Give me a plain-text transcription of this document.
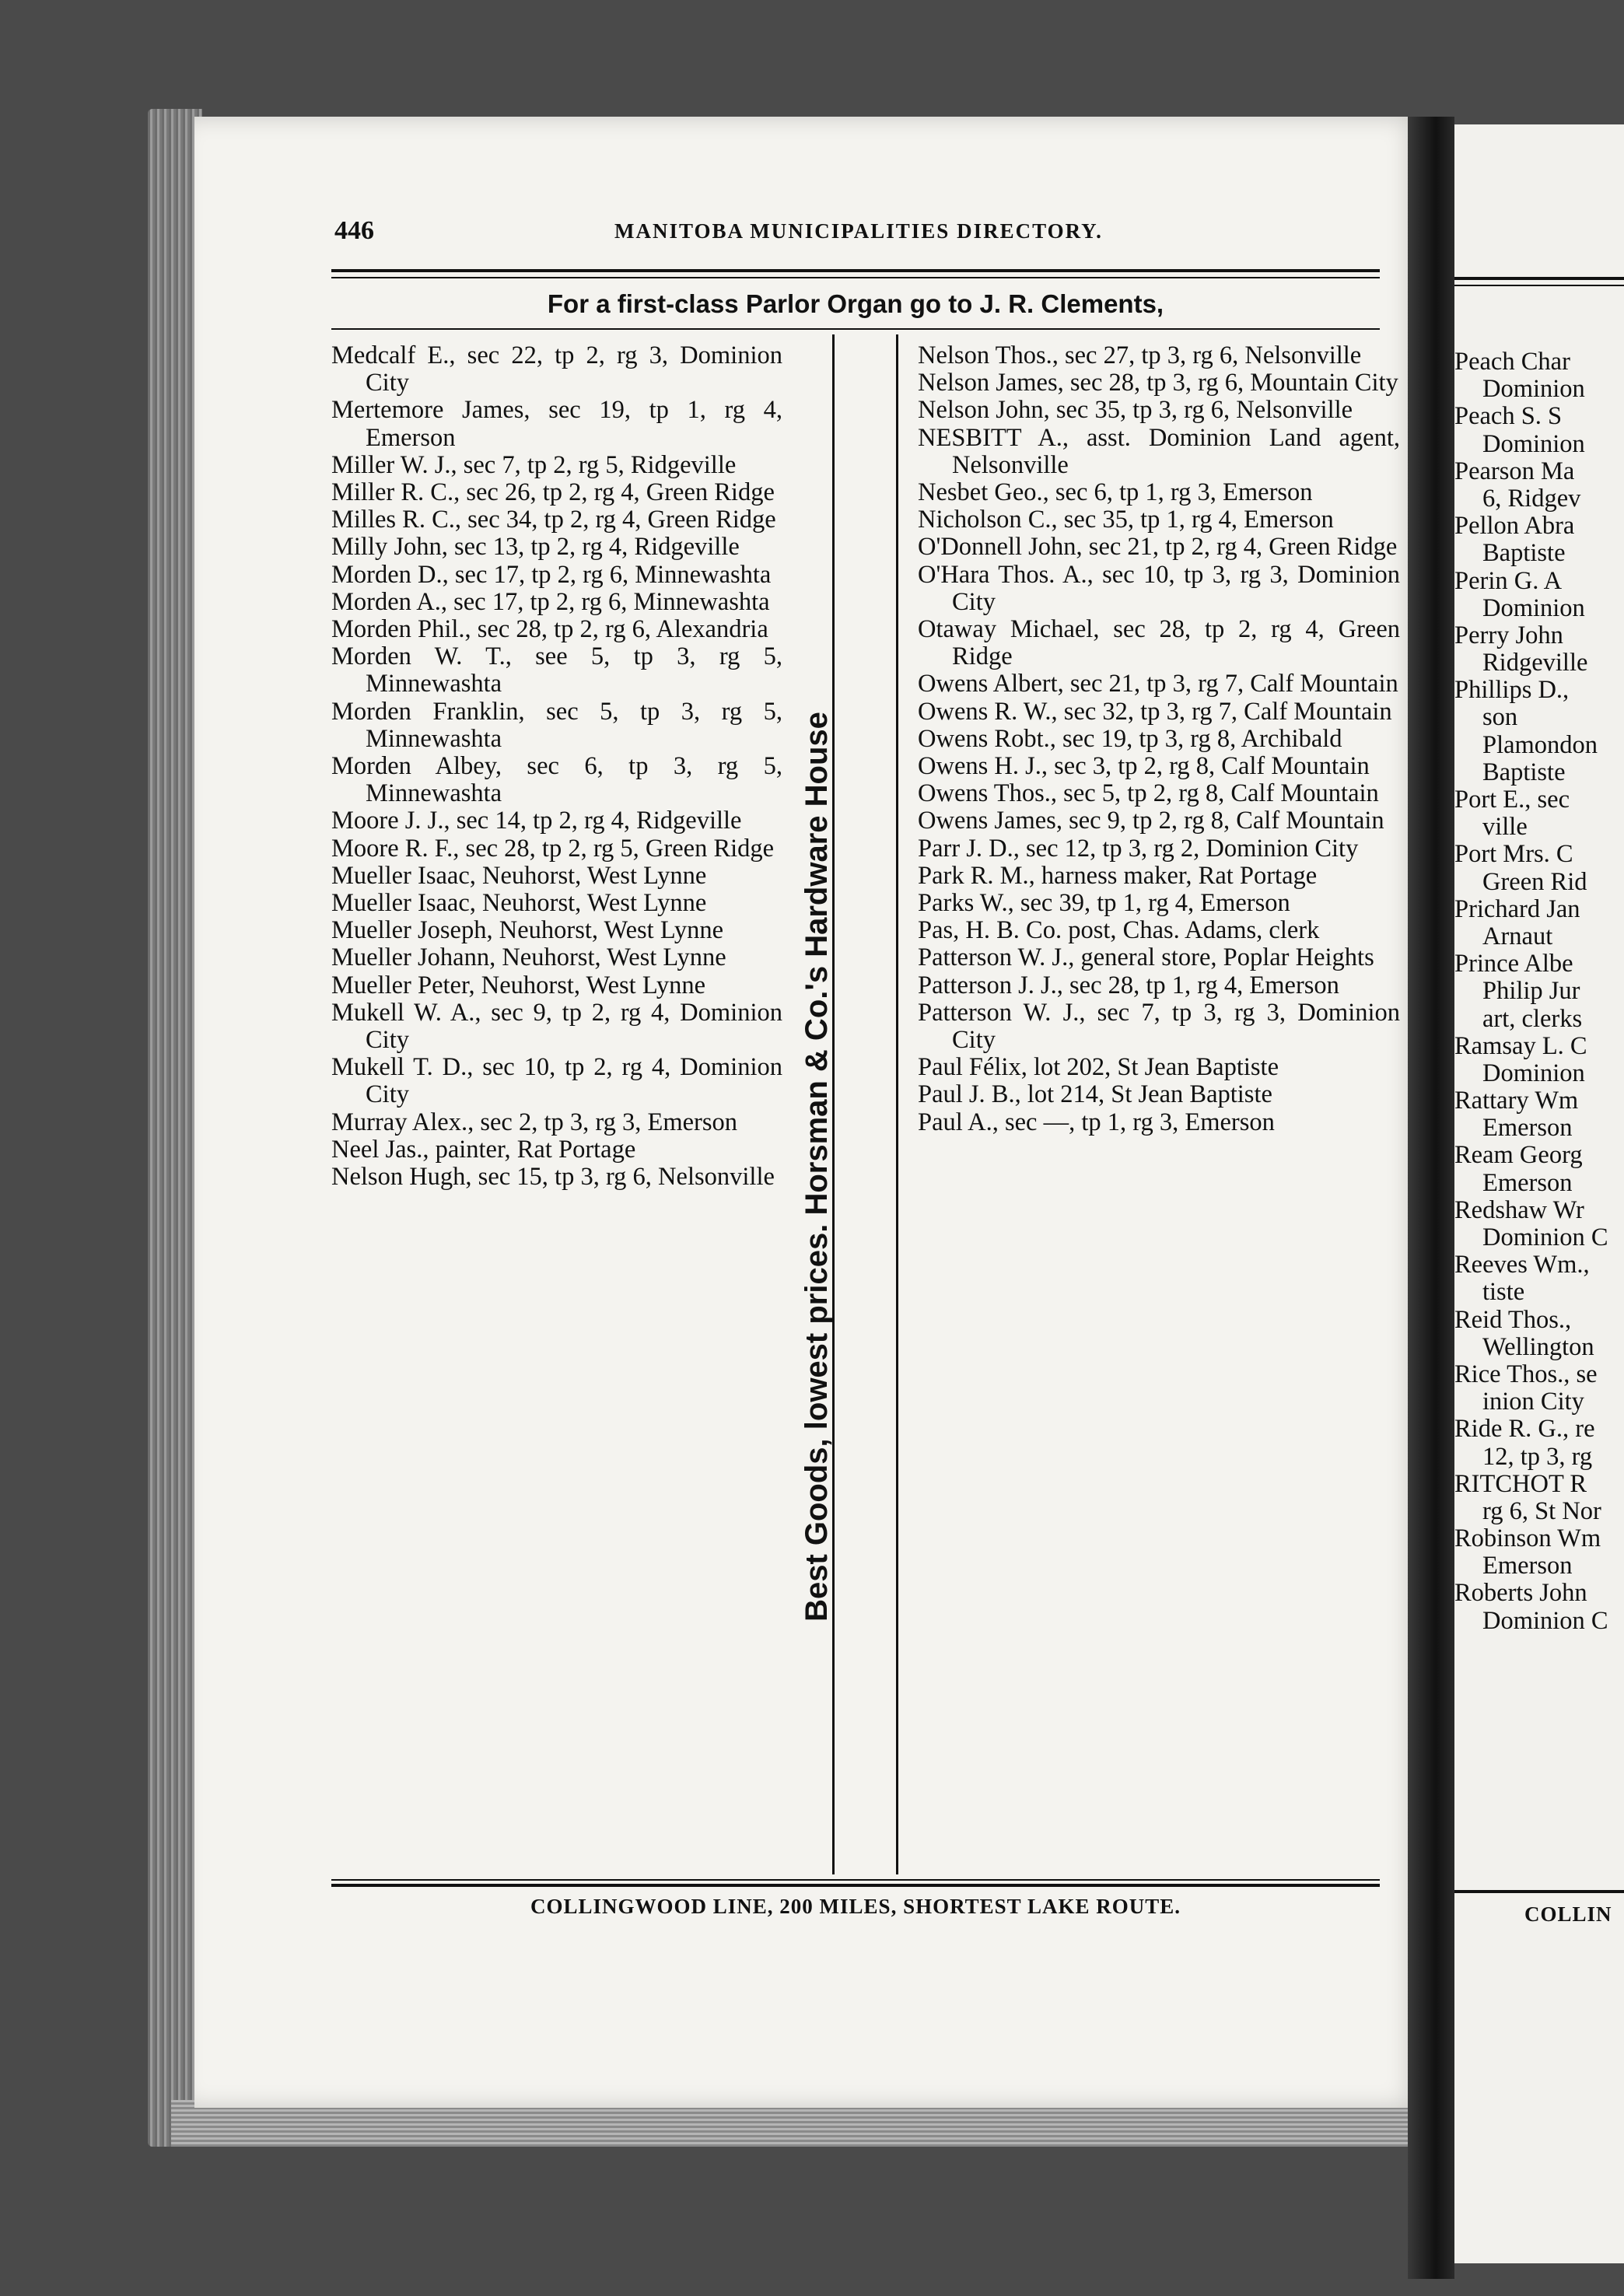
446	MANITOBA MUNICIPALITIES DIRECTORY.
For a first-class Parlor Organ go to J. R. Clements,
Medcalf E., sec 22, tp 2, rg 3, Dominion City
Mertemore James, sec 19, tp 1, rg 4, Emerson
Miller W. J., sec 7, tp 2, rg 5, Ridgeville
Miller R. C., sec 26, tp 2, rg 4, Green Ridge
Milles R. C., sec 34, tp 2, rg 4, Green Ridge
Milly John, sec 13, tp 2, rg 4, Ridgeville
Morden D., sec 17, tp 2, rg 6, Minnewashta
Morden A., sec 17, tp 2, rg 6, Minnewashta
Morden Phil., sec 28, tp 2, rg 6, Alexandria
Morden W. T., see 5, tp 3, rg 5, Minnewashta
Morden Franklin, sec 5, tp 3, rg 5, Minnewashta
Morden Albey, sec 6, tp 3, rg 5, Minnewashta
Moore J. J., sec 14, tp 2, rg 4, Ridgeville
Moore R. F., sec 28, tp 2, rg 5, Green Ridge
Mueller Isaac, Neuhorst, West Lynne
Mueller Isaac, Neuhorst, West Lynne
Mueller Joseph, Neuhorst, West Lynne
Mueller Johann, Neuhorst, West Lynne
Mueller Peter, Neuhorst, West Lynne
Mukell W. A., sec 9, tp 2, rg 4, Dominion City
Mukell T. D., sec 10, tp 2, rg 4, Dominion City
Murray Alex., sec 2, tp 3, rg 3, Emerson
Neel Jas., painter, Rat Portage
Nelson Hugh, sec 15, tp 3, rg 6, Nelsonville Best Goods, lowest prices. Horsman & Co.'s Hardware House
Nelson Thos., sec 27, tp 3, rg 6, Nelsonville
Nelson James, sec 28, tp 3, rg 6, Mountain City
Nelson John, sec 35, tp 3, rg 6, Nelsonville
NESBITT A., asst. Dominion Land agent, Nelsonville
Nesbet Geo., sec 6, tp 1, rg 3, Emerson
Nicholson C., sec 35, tp 1, rg 4, Emerson
O'Donnell John, sec 21, tp 2, rg 4, Green Ridge
O'Hara Thos. A., sec 10, tp 3, rg 3, Dominion City
Otaway Michael, sec 28, tp 2, rg 4, Green Ridge
Owens Albert, sec 21, tp 3, rg 7, Calf Mountain
Owens R. W., sec 32, tp 3, rg 7, Calf Mountain
Owens Robt., sec 19, tp 3, rg 8, Archibald
Owens H. J., sec 3, tp 2, rg 8, Calf Mountain
Owens Thos., sec 5, tp 2, rg 8, Calf Mountain
Owens James, sec 9, tp 2, rg 8, Calf Mountain
Parr J. D., sec 12, tp 3, rg 2, Dominion City
Park R. M., harness maker, Rat Portage
Parks W., sec 39, tp 1, rg 4, Emerson
Pas, H. B. Co. post, Chas. Adams, clerk
Patterson W. J., general store, Poplar Heights
Patterson J. J., sec 28, tp 1, rg 4, Emerson
Patterson W. J., sec 7, tp 3, rg 3, Dominion City
Paul Félix, lot 202, St Jean Baptiste
Paul J. B., lot 214, St Jean Baptiste
Paul A., sec —, tp 1, rg 3, Emerson
COLLINGWOOD LINE, 200 MILES, SHORTEST LAKE ROUTE.
Peach Char
Dominion
Peach S. S
Dominion
Pearson Ma
6, Ridgev
Pellon Abra
Baptiste
Perin G. A
Dominion
Perry John
Ridgeville
Phillips D.,
son
Plamondon
Baptiste
Port E., sec
ville
Port Mrs. C
Green Rid
Prichard Jan
Arnaut
Prince Albe
Philip Jur
art, clerks
Ramsay L. C
Dominion
Rattary Wm
Emerson
Ream Georg
Emerson
Redshaw Wr
Dominion C
Reeves Wm.,
tiste
Reid Thos.,
Wellington
Rice Thos., se
inion City
Ride R. G., re
12, tp 3, rg
RITCHOT R
rg 6, St Nor
Robinson Wm
Emerson
Roberts John
Dominion C
COLLIN
